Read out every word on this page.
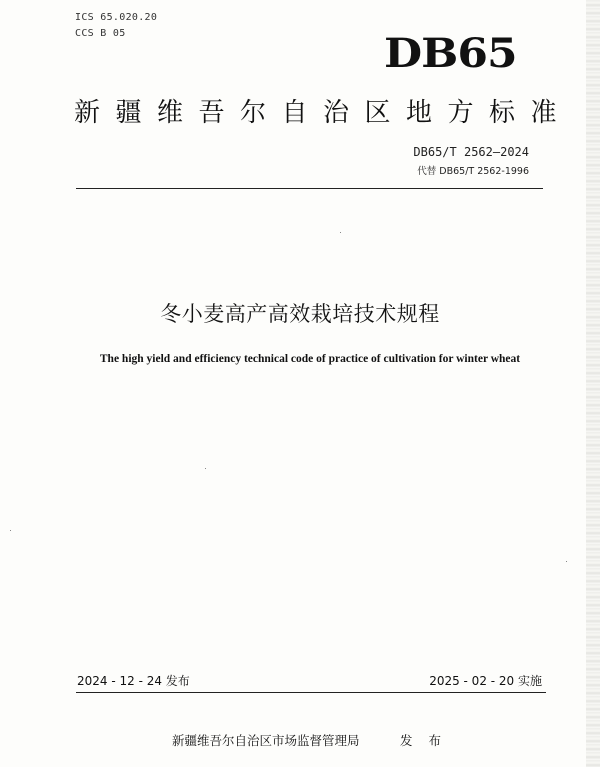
ICS 65.020.20
CCS B 05	DB65
新疆维吾尔自治区地方标准
DB65/T 2562—2024
代替 DB65/T 2562-1996
冬小麦高产高效栽培技术规程
The high yield and efficiency technical code of practice of cultivation for winter wheat
2024 - 12 - 24 发布	2025 - 02 - 20 实施
新疆维吾尔自治区市场监督管理局	发 布
